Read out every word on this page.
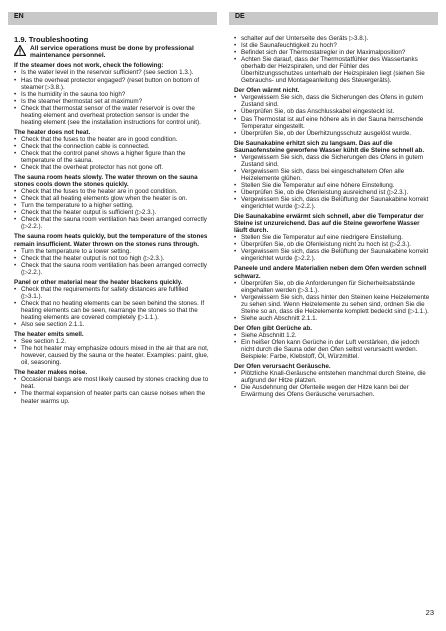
EN	DE
1.9. Troubleshooting
All service operations must be done by professional maintenance personnel.
If the steamer does not work, check the following:
• Is the water level in the reservoir sufficient? (see section 1.3.).
• Has the overheat protector engaged? (reset button on bottom of steamer ▷3.8.).
• Is the humidity in the sauna too high?
• Is the steamer thermostat set at maximum?
• Check that thermostat sensor of the water reservoir is over the heating element and overheat protection sensor is under the heating element (see the installation instructions for control unit).
The heater does not heat.
• Check that the fuses to the heater are in good condition.
• Check that the connection cable is connected.
• Check that the control panel shows a higher figure than the temperature of the sauna.
• Check that the overheat protector has not gone off.
The sauna room heats slowly. The water thrown on the sauna stones cools down the stones quickly.
• Check that the fuses to the heater are in good condition.
• Check that all heating elements glow when the heater is on.
• Turn the temperature to a higher setting.
• Check that the heater output is sufficient (▷2.3.).
• Check that the sauna room ventilation has been arranged correctly (▷2.2.).
The sauna room heats quickly, but the temperature of the stones remain insufficient. Water thrown on the stones runs through.
• Turn the temperature to a lower setting.
• Check that the heater output is not too high (▷2.3.).
• Check that the sauna room ventilation has been arranged correctly (▷2.2.).
Panel or other material near the heater blackens quickly.
• Check that the requirements for safety distances are fulfilled (▷3.1.).
• Check that no heating elements can be seen behind the stones. If heating elements can be seen, rearrange the stones so that the heating elements are covered completely (▷1.1.).
• Also see section 2.1.1.
The heater emits smell.
• See section 1.2.
• The hot heater may emphasize odours mixed in the air that are not, however, caused by the sauna or the heater. Examples: paint, glue, oil, seasoning.
The heater makes noise.
• Occasional bangs are most likely caused by stones cracking due to heat.
• The thermal expansion of heater parts can cause noises when the heater warms up.
• schalter auf der Unterseite des Geräts ▷3.8.).
• Ist die Saunafeuchtigkeit zu hoch?
• Befindet sich der Thermostatregler in der Maximalposition?
• Achten Sie darauf, dass der Thermostatfühler des Wassertanks oberhalb der Heizspiralen, und der Fühler des Überhitzungsschutzes unterhalb der Heizspiralen liegt (siehen Sie Gebrauchs- und Montageanleitung des Steuergeräts).
Der Ofen wärmt nicht.
• Vergewissern Sie sich, dass die Sicherungen des Ofens in gutem Zustand sind.
• Überprüfen Sie, ob das Anschlusskabel eingesteckt ist.
• Das Thermostat ist auf eine höhere als in der Sauna herrschende Temperatur eingestellt.
• Überprüfen Sie, ob der Überhitzungsschutz ausgelöst wurde.
Die Saunakabine erhitzt sich zu langsam. Das auf die Saunaofensteine geworfene Wasser kühlt die Steine schnell ab.
• Vergewissern Sie sich, dass die Sicherungen des Ofens in gutem Zustand sind.
• Vergewissern Sie sich, dass bei eingeschaltetem Ofen alle Heizelemente glühen.
• Stellen Sie die Temperatur auf eine höhere Einstellung.
• Überprüfen Sie, ob die Ofenleistung ausreichend ist (▷2.3.).
• Vergewissern Sie sich, dass die Belüftung der Saunakabine korrekt eingerichtet wurde (▷2.2.).
Die Saunakabine erwärmt sich schnell, aber die Temperatur der Steine ist unzureichend. Das auf die Steine geworfene Wasser läuft durch.
• Stellen Sie die Temperatur auf eine niedrigere Einstellung.
• Überprüfen Sie, ob die Ofenleistung nicht zu hoch ist (▷2.3.).
• Vergewissern Sie sich, dass die Belüftung der Saunakabine korrekt eingerichtet wurde (▷2.2.).
Paneele und andere Materialien neben dem Ofen werden schnell schwarz.
• Überprüfen Sie, ob die Anforderungen für Sicherheitsabstände eingehalten werden (▷3.1.).
• Vergewissern Sie sich, dass hinter den Steinen keine Heizelemente zu sehen sind. Wenn Heizelemente zu sehen sind, ordnen Sie die Steine so an, dass die Heizelemente komplett bedeckt sind (▷1.1.).
• Siehe auch Abschnitt 2.1.1.
Der Ofen gibt Gerüche ab.
• Siehe Abschnitt 1.2.
• Ein heißer Ofen kann Gerüche in der Luft verstärken, die jedoch nicht durch die Sauna oder den Ofen selbst verursacht werden. Beispiele: Farbe, Klebstoff, Öl, Würzmittel.
Der Ofen verursacht Geräusche.
• Plötzliche Knall-Geräusche entstehen manchmal durch Steine, die aufgrund der Hitze platzen.
• Die Ausdehnung der Ofenteile wegen der Hitze kann bei der Erwärmung des Ofens Geräusche verursachen.
23
